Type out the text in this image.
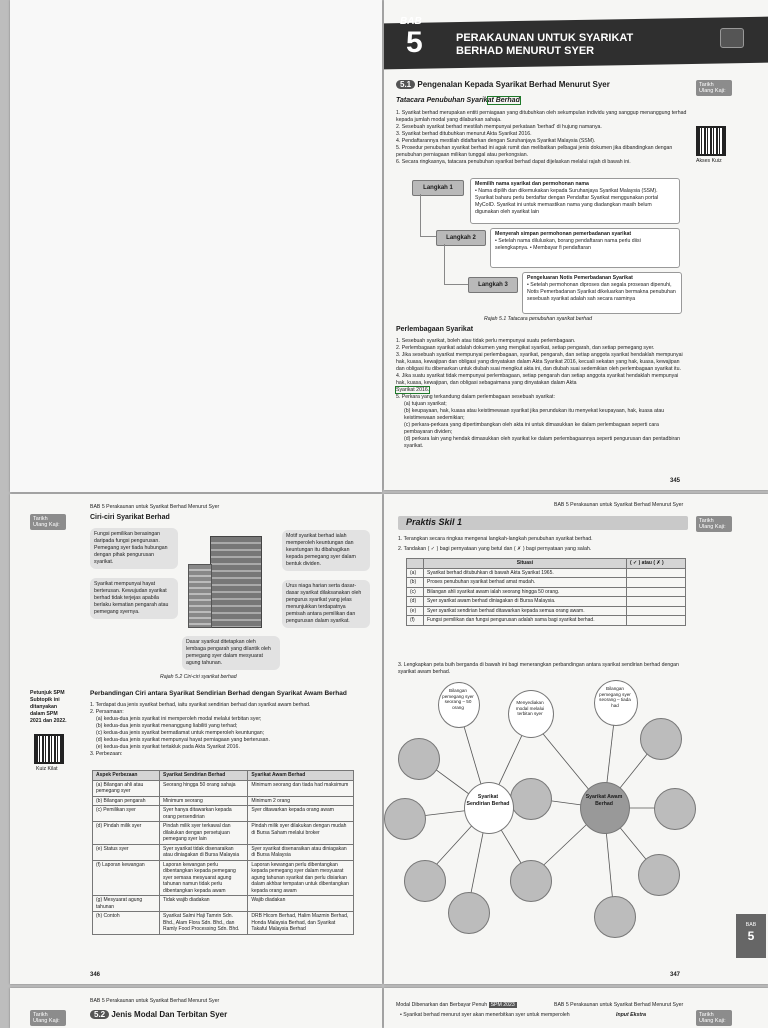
BAB
5	PERAKAUNAN UNTUK SYARIKAT
BERHAD MENURUT SYER
Tarikh Ulang Kaji:
Akses Kuiz
5.1 Pengenalan Kepada Syarikat Berhad Menurut Syer
Tatacara Penubuhan Syarikat Berhad
1. Syarikat berhad merupakan entiti perniagaan yang ditubuhkan oleh sekumpulan individu yang sanggup menanggung terhad kepada jumlah modal yang dilaburkan sahaja.
2. Sesebuah syarikat berhad mestilah mempunyai perkataan 'berhad' di hujung namanya.
3. Syarikat berhad ditubuhkan menurut Akta Syarikat 2016.
4. Pendaftarannya mestilah didaftarkan dengan Suruhanjaya Syarikat Malaysia (SSM).
5. Prosedur penubuhan syarikat berhad ini agak rumit dan melibatkan pelbagai jenis dokumen jika dibandingkan dengan penubuhan perniagaan milikan tunggal atau perkongsian.
6. Secara ringkasnya, tatacara penubuhan syarikat berhad dapat dijelaskan melalui rajah di bawah ini.
Langkah 1
Memilih nama syarikat dan permohonan nama
• Nama dipilih dan dikemukakan kepada Suruhanjaya Syarikat Malaysia (SSM). Syarikat baharu perlu berdaftar dengan Pendaftar Syarikat menggunakan portal MyCoID. Syarikat ini untuk memastikan nama yang diadangkan masih belum digunakan oleh syarikat lain
Langkah 2
Menyerah simpan permohonan pemerbadanan syarikat
• Setelah nama diluluskan, borang pendaftaran nama perlu diisi selengkapnya. • Membayar fi pendaftaran
Langkah 3
Pengeluaran Notis Pemerbadanan Syarikat
• Setelah permohonan diproses dan segala prosesan dipenuhi, Notis Pemerbadanan Syarikat dikeluarkan bermakna penubuhan sesebuah syarikat adalah sah secara rasminya
Rajah 5.1 Tatacara penubuhan syarikat berhad
Perlembagaan Syarikat
1. Sesebuah syarikat, boleh atau tidak perlu mempunyai suatu perlembagaan.
2. Perlembagaan syarikat adalah dokumen yang mengikat syarikat, setiap pengarah, dan setiap pemegang syer.
3. Jika sesebuah syarikat mempunyai perlembagaan, syarikat, pengarah, dan setiap anggota syarikat hendaklah mempunyai hak, kuasa, kewajipan dan obligasi yang dinyatakan dalam Akta Syarikat 2016, kecuali sekatan yang hak, kuasa, kewajipan dan obligasi itu dibenarkan untuk diubah suai mengikut akta ini, dan diubah suai sedemikian oleh perlembagaan syarikat itu.
4. Jika suatu syarikat tidak mempunyai perlembagaan, setiap pengarah dan setiap anggota syarikat hendaklah mempunyai hak, kuasa, kewajipan, dan obligasi sebagaimana yang dinyatakan dalam Akta
Syarikat 2016.
5. Perkara yang terkandung dalam perlembagaan sesebuah syarikat:
(a) tujuan syarikat;
(b) keupayaan, hak, kuasa atau keistimewaan syarikat jika perundukan itu menyekat keupayaan, hak, kuasa atau keistimewaan sedemikian;
(c) perkara-perkara yang dipertimbangkan oleh akta ini untuk dimasukkan ke dalam perlembagaan seperti cara pembayaran dividen;
(d) perkara lain yang hendak dimasukkan oleh syarikat ke dalam perlembagaannya seperti pengurusan dan pentadbiran syarikat.
345
BAB 5 Perakaunan untuk Syarikat Berhad Menurut Syer
Tarikh Ulang Kaji:
Ciri-ciri Syarikat Berhad
Fungsi pemilikan berasingan daripada fungsi pengurusan. Pemegang syer tiada hubungan dengan pihak pengurusan syarikat.
Syarikat mempunyai hayat berterusan. Kewujudan syarikat berhad tidak terjejas apabila berlaku kematian pengarah atau pemegang syernya.
Dasar syarikat ditetapkan oleh lembaga pengarah yang dilantik oleh pemegang syer dalam mesyuarat agung tahunan.
Motif syarikat berhad ialah memperoleh keuntungan dan keuntungan itu dibahagikan kepada pemegang syer dalam bentuk dividen.
Urus niaga harian serta dasar-dasar syarikat dilaksanakan oleh pengurus syarikat yang jelas menunjukkan terdapatnya pemisah antara pemilikan dan pengurusan dalam syarikat.
Rajah 5.2 Ciri-ciri syarikat berhad
Petunjuk SPM Subtopik ini ditanyakan dalam SPM 2021 dan 2022.
Kuiz Kilat
Perbandingan Ciri antara Syarikat Sendirian Berhad dengan Syarikat Awam Berhad
1. Terdapat dua jenis syarikat berhad, iaitu syarikat sendirian berhad dan syarikat awam berhad.
2. Persamaan:
(a) kedua-dua jenis syarikat ini memperoleh modal melalui terbitan syer;
(b) kedua-dua jenis syarikat menanggung liabiliti yang terhad;
(c) kedua-dua jenis syarikat bermatlamat untuk memperoleh keuntungan;
(d) kedua-dua jenis syarikat mempunyai hayat perniagaan yang berterusan.
(e) kedua-dua jenis syarikat tertakluk pada Akta Syarikat 2016.
3. Perbezaan:
Aspek Perbezaan	Syarikat Sendirian Berhad	Syarikat Awam Berhad
(a) Bilangan ahli atau pemegang syer	Seorang hingga 50 orang sahaja	Minimum seorang dan tiada had maksimum
(b) Bilangan pengarah	Minimum seorang	Minimum 2 orang
(c) Pemilikan syer	Syer hanya ditawarkan kepada orang persendirian	Syer ditawarkan kepada orang awam
(d) Pindah milik syer	Pindah milik syer terkawal dan dilakukan dengan persetujuan pemegang syer lain	Pindah milik syer dilakukan dengan mudah di Bursa Saham melalui broker
(e) Status syer	Syer syarikat tidak disenaraikan atau diniagakan di Bursa Malaysia	Syer syarikat disenaraikan atau diniagakan di Bursa Malaysia
(f) Laporan kewangan	Laporan kewangan perlu dibentangkan kepada pemegang syer semasa mesyuarat agung tahunan namun tidak perlu dibentangkan kepada awam	Laporan kewangan perlu dibentangkan kepada pemegang syer dalam mesyuarat agung tahunan syarikat dan perlu disiarkan dalam akhbar tempatan untuk dibentangkan kepada orang awam
(g) Mesyuarat agung tahunan	Tidak wajib diadakan	Wajib diadakan
(h) Contoh	Syarikat Salmi Haji Tamrin Sdn. Bhd., Alam Flora Sdn. Bhd., dan Ramly Food Processing Sdn. Bhd.	DRB Hicom Berhad, Halim Mazmin Berhad, Honda Malaysia Berhad, dan Syarikat Takaful Malaysia Berhad
346
BAB 5 Perakaunan untuk Syarikat Berhad Menurut Syer
Praktis Skil 1	Tarikh Ulang Kaji:
1. Terangkan secara ringkas mengenai langkah-langkah penubuhan syarikat berhad.
2. Tandakan ( ✓ ) bagi pernyataan yang betul dan ( ✗ ) bagi pernyataan yang salah.
	Situasi	( ✓ ) atau ( ✗ )
(a)	Syarikat berhad ditubuhkan di bawah Akta Syarikat 1965.	
(b)	Proses penubuhan syarikat berhad amat mudah.	
(c)	Bilangan ahli syarikat awam ialah seorang hingga 50 orang.	
(d)	Syer syarikat awam berhad diniagakan di Bursa Malaysia.	
(e)	Syer syarikat sendirian berhad ditawarkan kepada semua orang awam.	
(f)	Fungsi pemilikan dan fungsi pengurusan adalah sama bagi syarikat berhad.	
3. Lengkapkan peta buih berganda di bawah ini bagi menerangkan perbandingan antara syarikat sendirian berhad dengan syarikat awam berhad.
Bilangan pemegang syer seorang – 50 orang
Menyediakan modal melalui terbitan syer
Bilangan pemegang syer seorang – tiada had
Syarikat Sendirian Berhad
Syarikat Awam Berhad
BAB
5
347
Tarikh Ulang Kaji:
BAB 5 Perakaunan untuk Syarikat Berhad Menurut Syer
5.2 Jenis Modal Dan Terbitan Syer
Modal Dibenarkan dan Berbayar Penuh SPM 2023	BAB 5 Perakaunan untuk Syarikat Berhad Menurut Syer
• Syarikat berhad menurut syer akan menerbitkan syer untuk memperoleh	Input Ekstra	Tarikh Ulang Kaji:
